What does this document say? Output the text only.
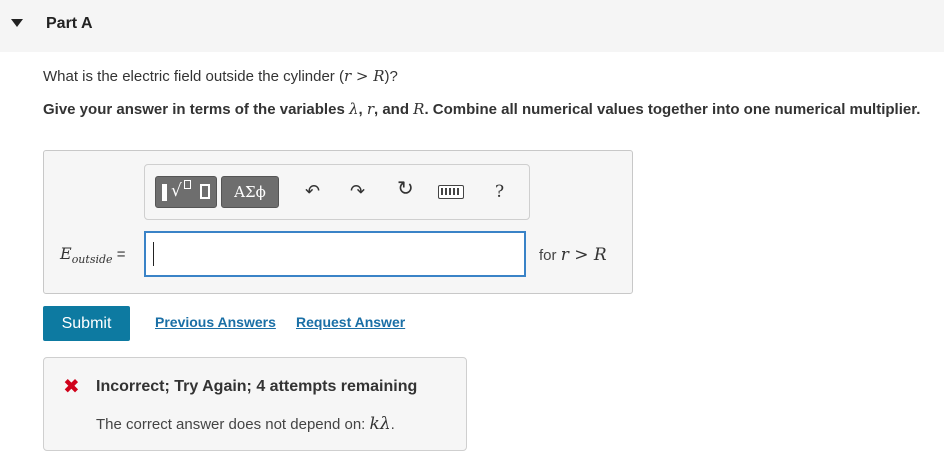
Part A
What is the electric field outside the cylinder (r > R)?
Give your answer in terms of the variables λ, r, and R. Combine all numerical values together into one numerical multiplier.
√	ΑΣϕ	↶ ↷ ↻	?
$E_{outside}$ =	for r > R
Submit	Previous Answers Request Answer
✖ Incorrect; Try Again; 4 attempts remaining
The correct answer does not depend on: kλ.
